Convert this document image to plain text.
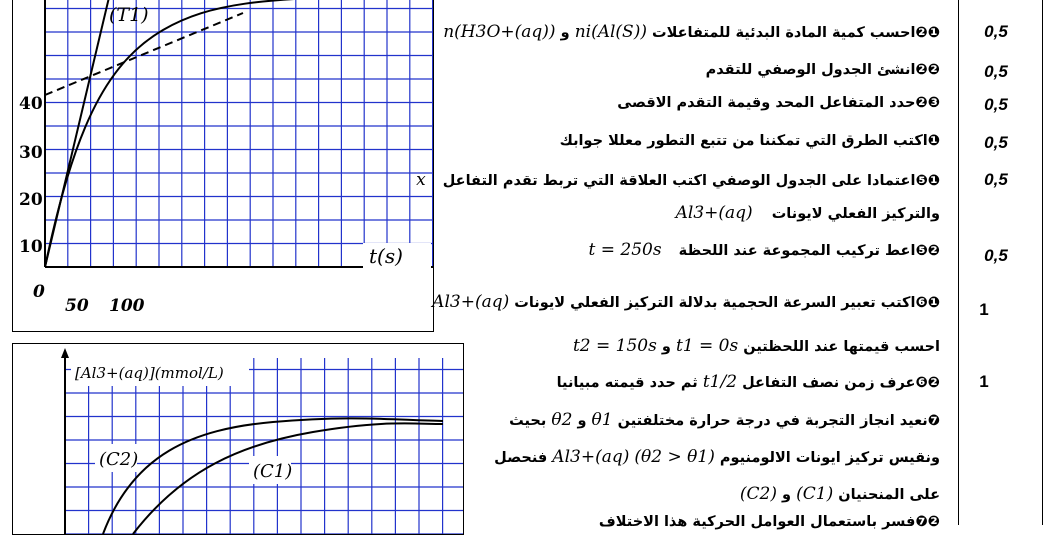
(T1)
40
30
20
10
0
50 100
t(s)
[Al3+(aq)](mmol/L)
(C2)
(C1)
❶❷احسب كمية المادة البدئية للمتفاعلات ni(Al(S)) و n(H3O+(aq))
❷❷انشئ الجدول الوصفي للتقدم
❸❷حدد المتفاعل المحد وقيمة التقدم الاقصى
❶اكتب الطرق التي تمكننا من تتبع التطور معللا جوابك
❶❺اعتمادا على الجدول الوصفي اكتب العلاقة التي تربط تقدم التفاعل x
والتركيز الفعلي لايونات Al3+(aq)
❷❺اعط تركيب المجموعة عند اللحظة t = 250s
❶❻اكتب تعبير السرعة الحجمية بدلالة التركيز الفعلي لايونات Al3+(aq)
احسب قيمتها عند اللحظتين t1 = 0s و t2 = 150s
❷❻عرف زمن نصف التفاعل t1/2 ثم حدد قيمته مبيانيا
❼نعيد انجاز التجربة في درجة حرارة مختلفتين θ1 و θ2 بحيث
ونقيس تركيز ايونات الالومنيوم Al3+(aq) (θ2 > θ1) فنحصل
على المنحنيان (C1) و (C2)
❷❼فسر باستعمال العوامل الحركية هذا الاختلاف
0,5
0,5
0,5
0,5
0,5
0,5
1
1
